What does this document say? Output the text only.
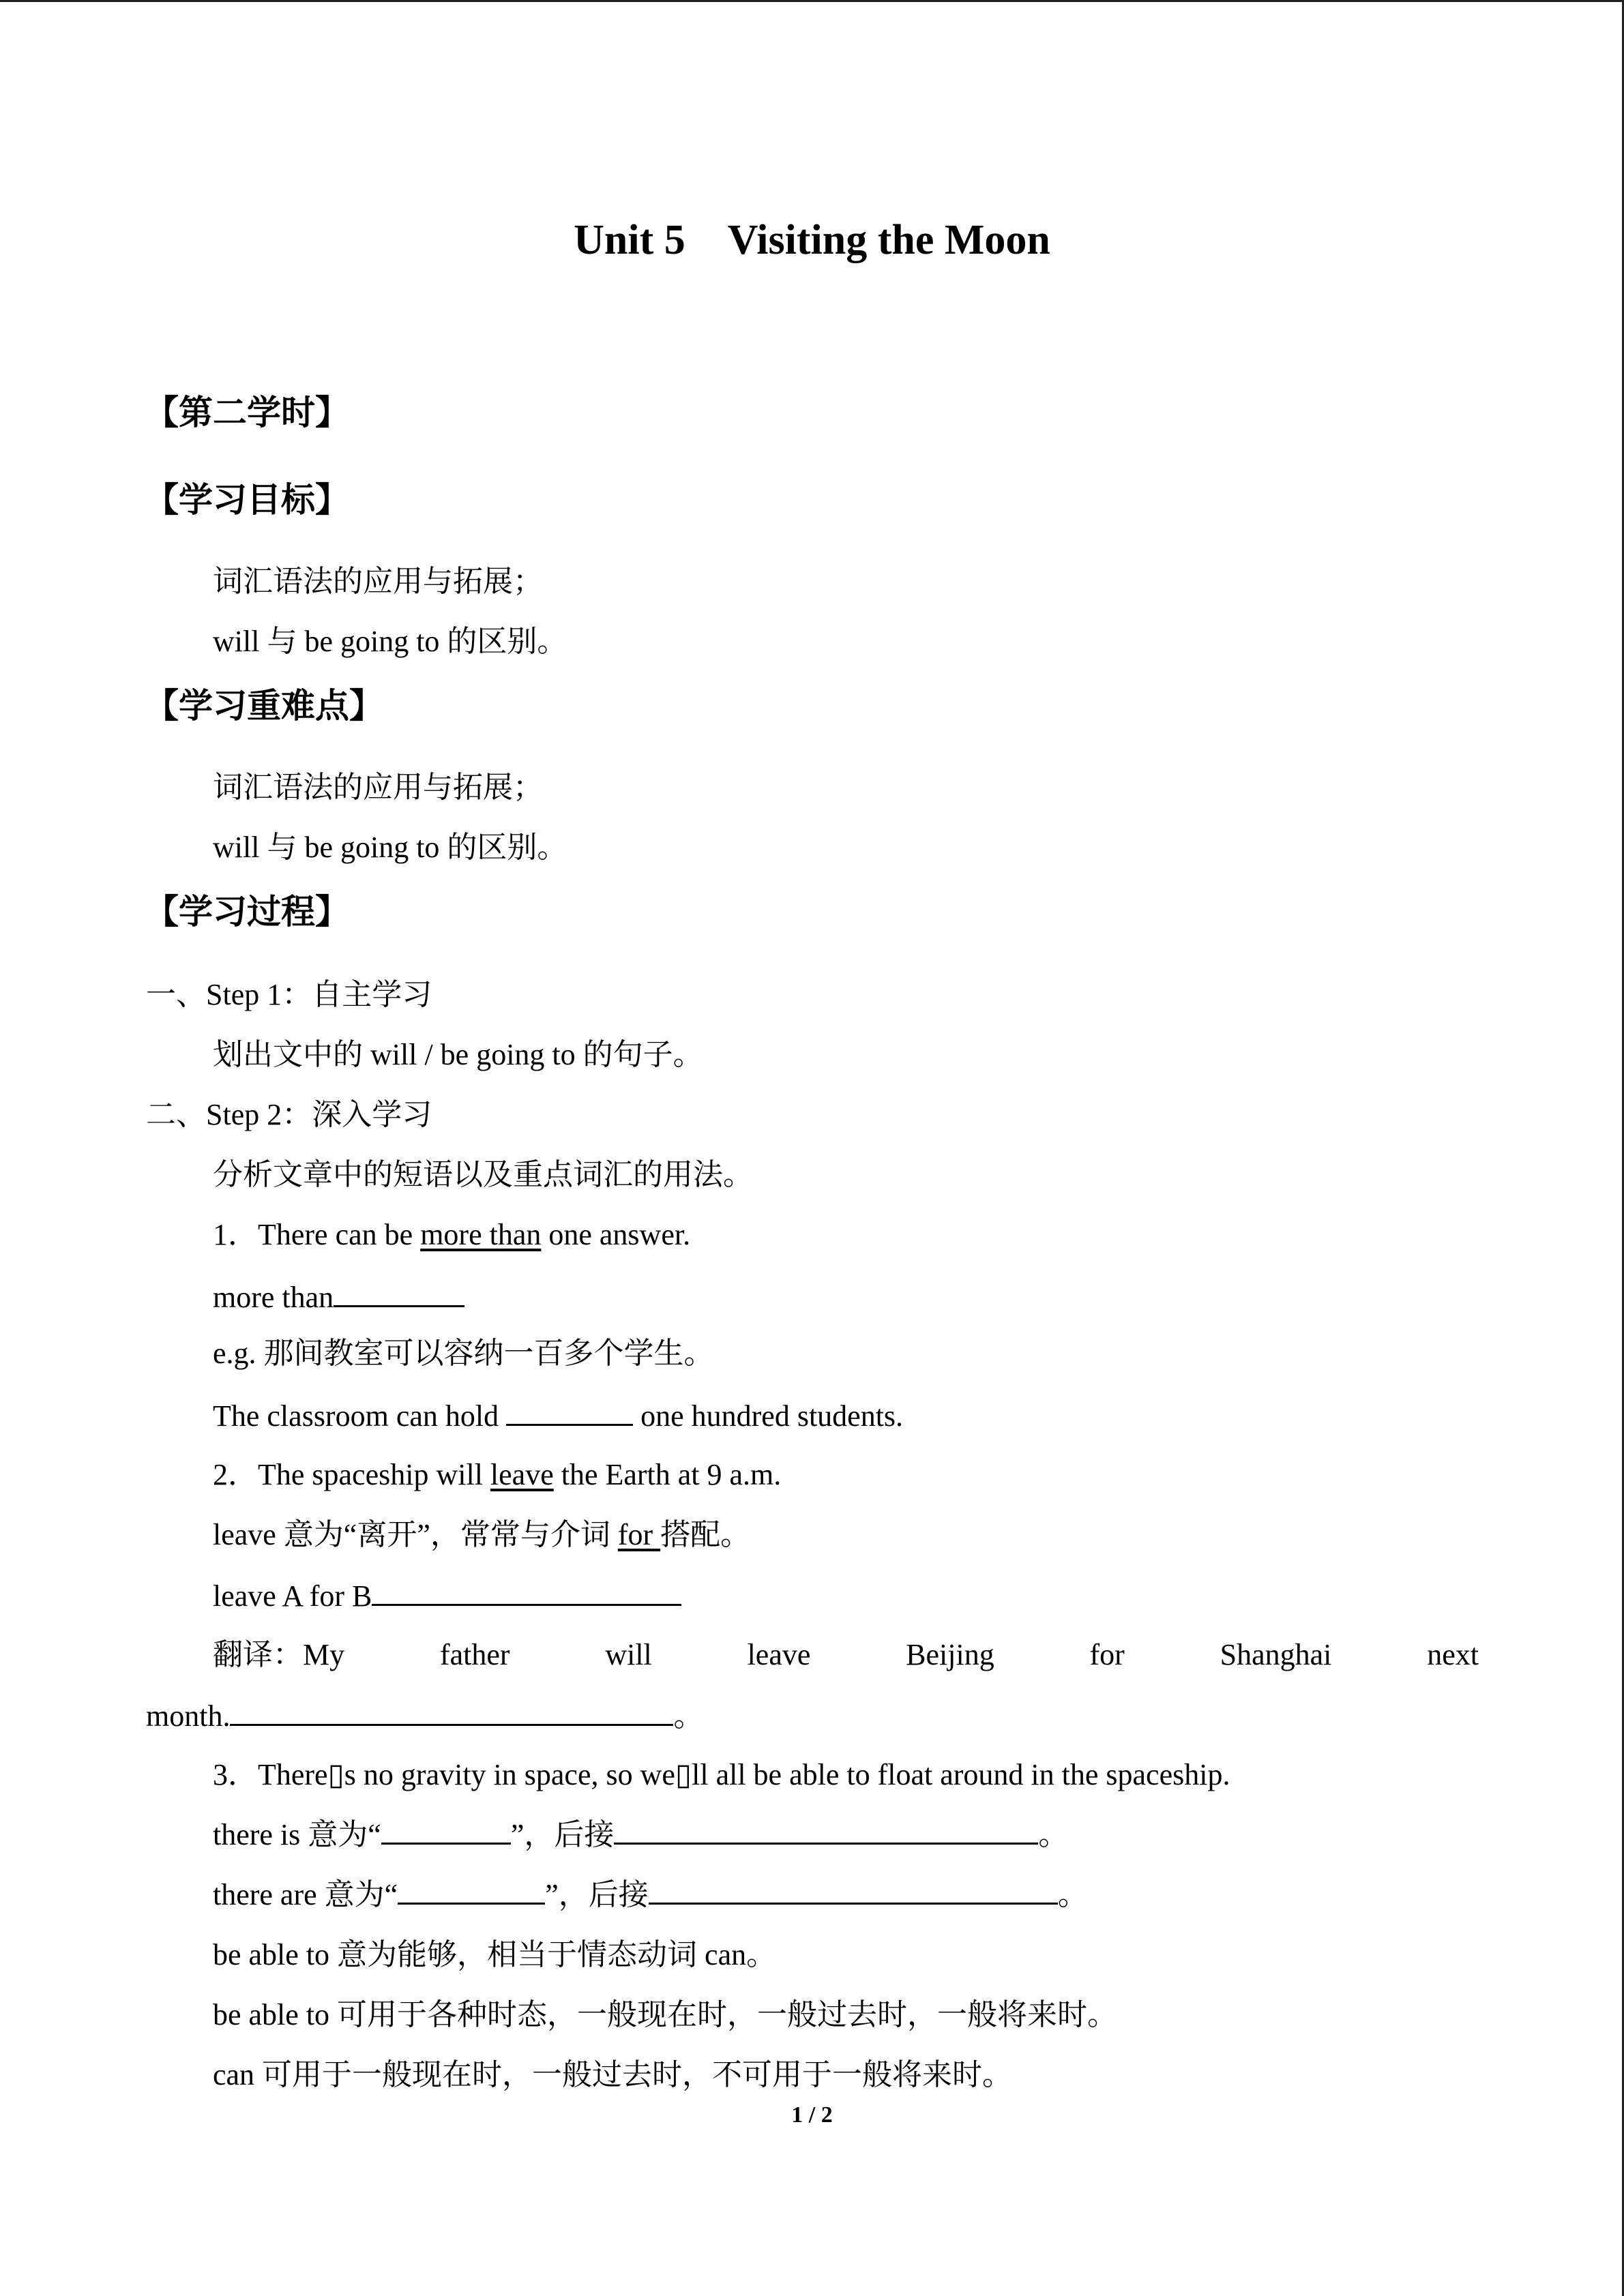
Unit 5 Visiting the Moon
【第二学时】
【学习目标】
词汇语法的应用与拓展；
will 与 be going to 的区别。
【学习重难点】
词汇语法的应用与拓展；
will 与 be going to 的区别。
【学习过程】
一、Step 1：自主学习
划出文中的 will / be going to 的句子。
二、Step 2：深入学习
分析文章中的短语以及重点词汇的用法。
1．There can be more than one answer.
more than
e.g. 那间教室可以容纳一百多个学生。
The classroom can hold	one hundred students.
2．The spaceship will leave the Earth at 9 a.m.
leave 意为“离开”，常常与介词 for 搭配。
leave A for B
翻译：My	father	will	leave	Beijing	for	Shanghai	next
month.	。
3．There▯s no gravity in space, so we▯ll all be able to float around in the spaceship.
there is 意为“	”，后接	。
there are 意为“	”，后接	。
be able to 意为能够，相当于情态动词 can。
be able to 可用于各种时态，一般现在时，一般过去时，一般将来时。
can 可用于一般现在时，一般过去时，不可用于一般将来时。
1 / 2
